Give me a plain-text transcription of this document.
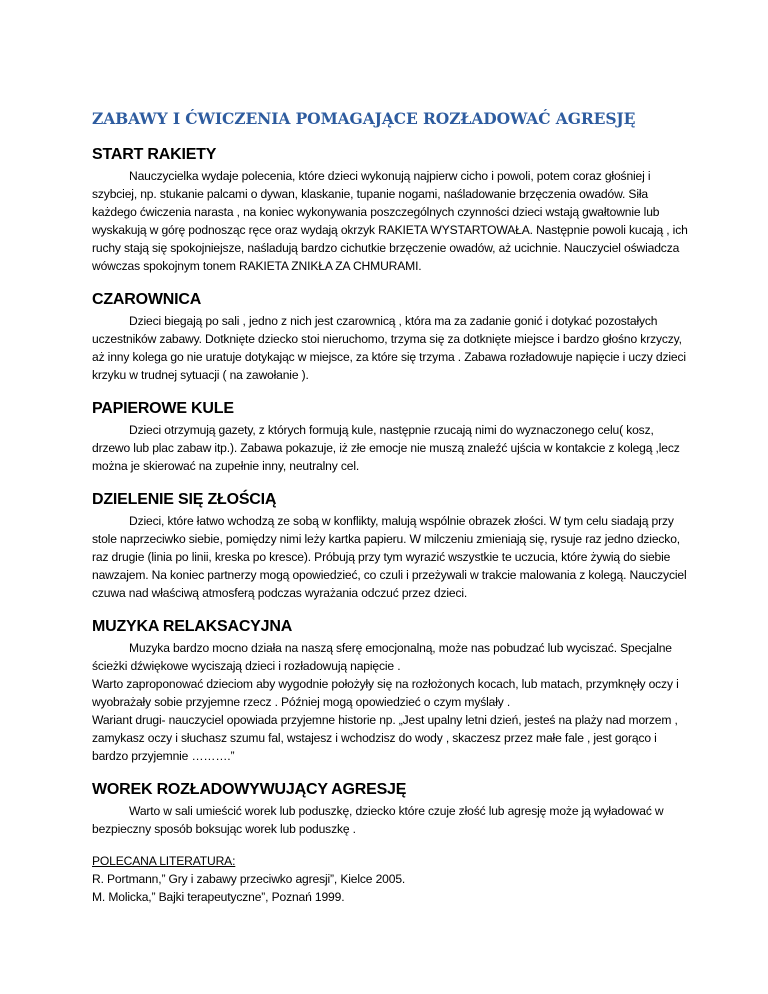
ZABAWY I ĆWICZENIA POMAGAJĄCE ROZŁADOWAĆ AGRESJĘ
START RAKIETY

Nauczycielka wydaje polecenia, które dzieci wykonują najpierw cicho i powoli, potem coraz głośniej i szybciej, np. stukanie palcami o dywan, klaskanie, tupanie nogami, naśladowanie brzęczenia owadów. Siła każdego ćwiczenia narasta , na koniec wykonywania poszczególnych czynności dzieci wstają gwałtownie lub wyskakują w górę podnosząc ręce oraz wydają okrzyk RAKIETA WYSTARTOWAŁA. Następnie powoli kucają , ich ruchy stają się spokojniejsze, naśladują bardzo cichutkie brzęczenie owadów, aż ucichnie. Nauczyciel oświadcza wówczas spokojnym tonem RAKIETA ZNIKŁA ZA CHMURAMI.

CZAROWNICA

Dzieci biegają po sali , jedno z nich jest czarownicą , która ma za zadanie gonić i dotykać pozostałych uczestników zabawy. Dotknięte dziecko stoi nieruchomo, trzyma się za dotknięte miejsce i bardzo głośno krzyczy, aż inny kolega go nie uratuje dotykając w miejsce, za które się trzyma . Zabawa rozładowuje napięcie i uczy dzieci krzyku w trudnej sytuacji ( na zawołanie ).

PAPIEROWE KULE

Dzieci otrzymują gazety, z których formują kule, następnie rzucają nimi do wyznaczonego celu( kosz, drzewo lub plac zabaw itp.). Zabawa pokazuje, iż złe emocje nie muszą znaleźć ujścia w kontakcie z kolegą ,lecz można je skierować na zupełnie inny, neutralny cel.

DZIELENIE SIĘ ZŁOŚCIĄ

Dzieci, które łatwo wchodzą ze sobą w konflikty, malują wspólnie obrazek złości. W tym celu siadają przy stole naprzeciwko siebie, pomiędzy nimi leży kartka papieru. W milczeniu zmieniają się, rysuje raz jedno dziecko, raz drugie (linia po linii, kreska po kresce). Próbują przy tym wyrazić wszystkie te uczucia, które żywią do siebie nawzajem. Na koniec partnerzy mogą opowiedzieć, co czuli i przeżywali w trakcie malowania z kolegą. Nauczyciel czuwa nad właściwą atmosferą podczas wyrażania odczuć przez dzieci.

MUZYKA RELAKSACYJNA

Muzyka bardzo mocno działa na naszą sferę emocjonalną, może nas pobudzać lub wyciszać. Specjalne ścieżki dźwiękowe wyciszają dzieci i rozładowują napięcie .

Warto zaproponować dzieciom aby wygodnie położyły się na rozłożonych kocach, lub matach, przymknęły oczy i wyobrażały sobie przyjemne rzecz . Później mogą opowiedzieć o czym myślały .

Wariant drugi- nauczyciel opowiada przyjemne historie np. „Jest upalny letni dzień, jesteś na plaży nad morzem , zamykasz oczy i słuchasz szumu fal, wstajesz i wchodzisz do wody , skaczesz przez małe fale , jest gorąco i bardzo przyjemnie ……….”

WOREK ROZŁADOWYWUJĄCY AGRESJĘ

Warto w sali umieścić worek lub poduszkę, dziecko które czuje złość lub agresję może ją wyładować w bezpieczny sposób boksując worek lub poduszkę .

POLECANA LITERATURA:

R. Portmann,” Gry i zabawy przeciwko agresji”, Kielce 2005.

M. Molicka,” Bajki terapeutyczne”, Poznań 1999.
